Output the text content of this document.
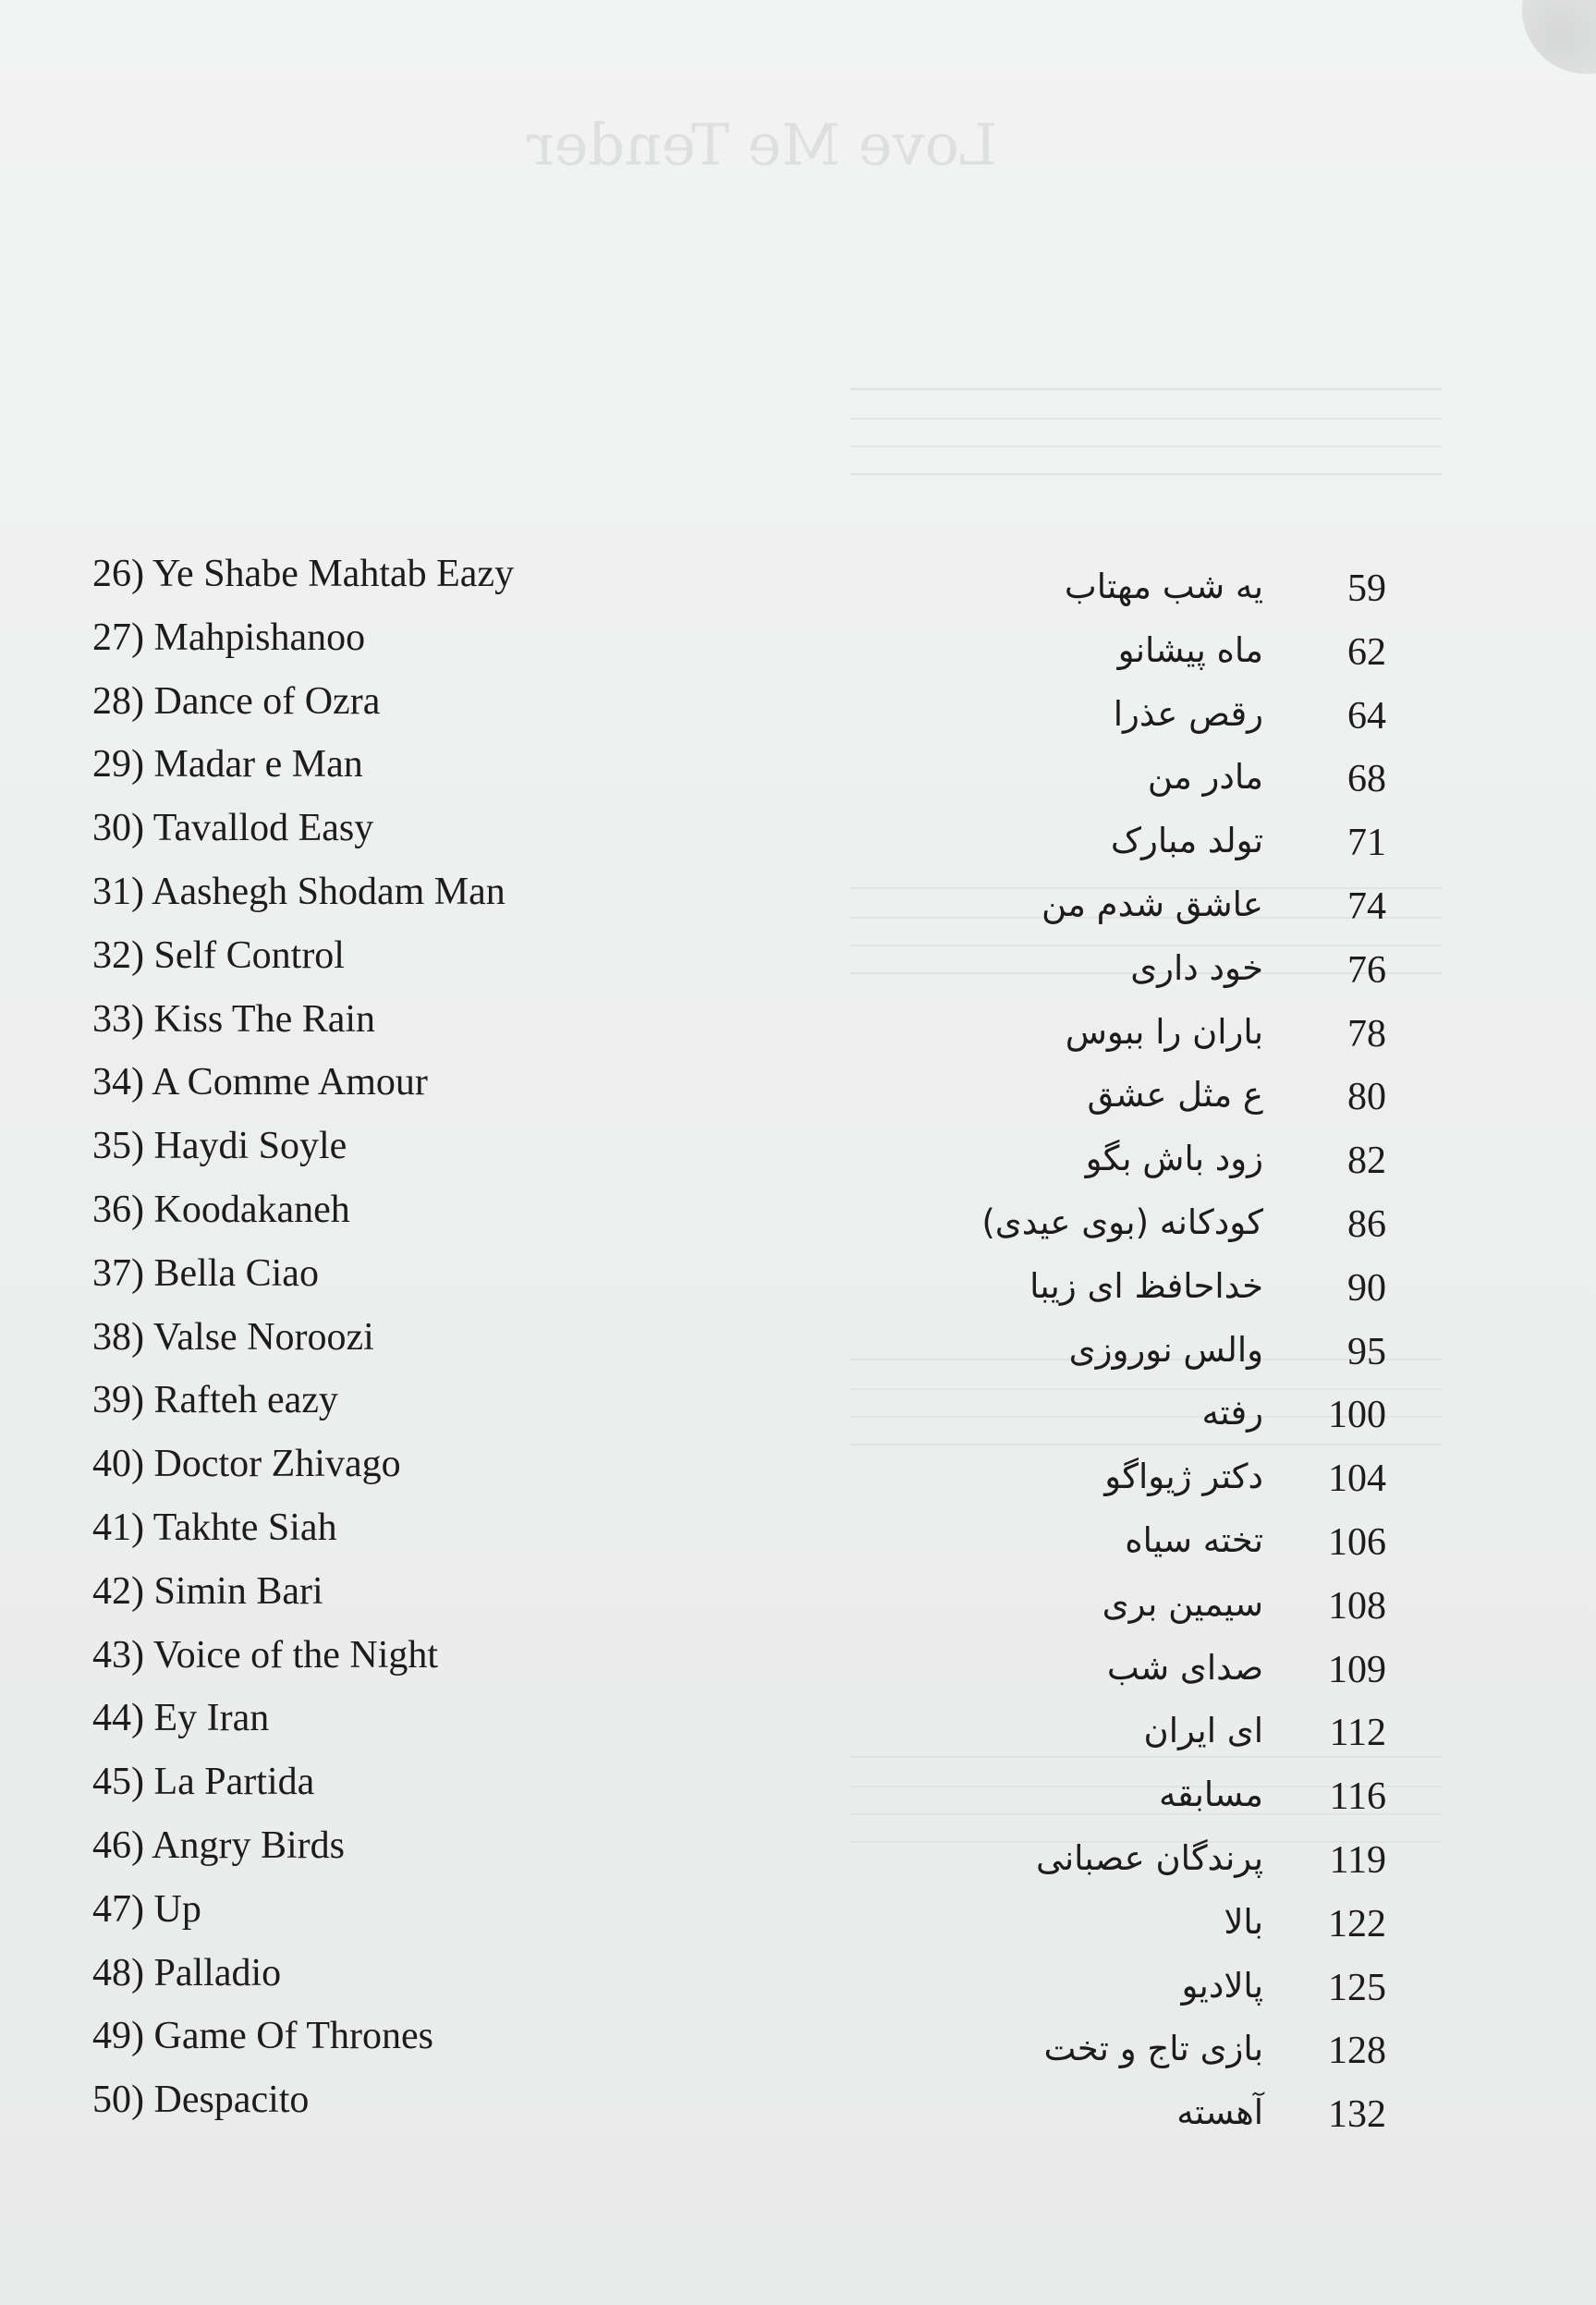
Love Me Tender
26) Ye Shabe Mahtab Eazy	یه شب مهتاب	59
27) Mahpishanoo	ماه پیشانو	62
28) Dance of Ozra	رقص عذرا	64
29) Madar e Man	مادر من	68
30) Tavallod Easy	تولد مبارک	71
31) Aashegh Shodam Man	عاشق شدم من	74
32) Self Control	خود داری	76
33) Kiss The Rain	باران را ببوس	78
34) A Comme Amour	ع مثل عشق	80
35) Haydi Soyle	زود باش بگو	82
36) Koodakaneh	کودکانه (بوی عیدی)	86
37) Bella Ciao	خداحافظ ای زیبا	90
38) Valse Noroozi	والس نوروزی	95
39) Rafteh eazy	رفته	100
40) Doctor Zhivago	دکتر ژیواگو	104
41) Takhte Siah	تخته سیاه	106
42) Simin Bari	سیمین بری	108
43) Voice of the Night	صدای شب	109
44) Ey Iran	ای ایران	112
45) La Partida	مسابقه	116
46) Angry Birds	پرندگان عصبانی	119
47) Up	بالا	122
48) Palladio	پالادیو	125
49) Game Of Thrones	بازی تاج و تخت	128
50) Despacito	آهسته	132
